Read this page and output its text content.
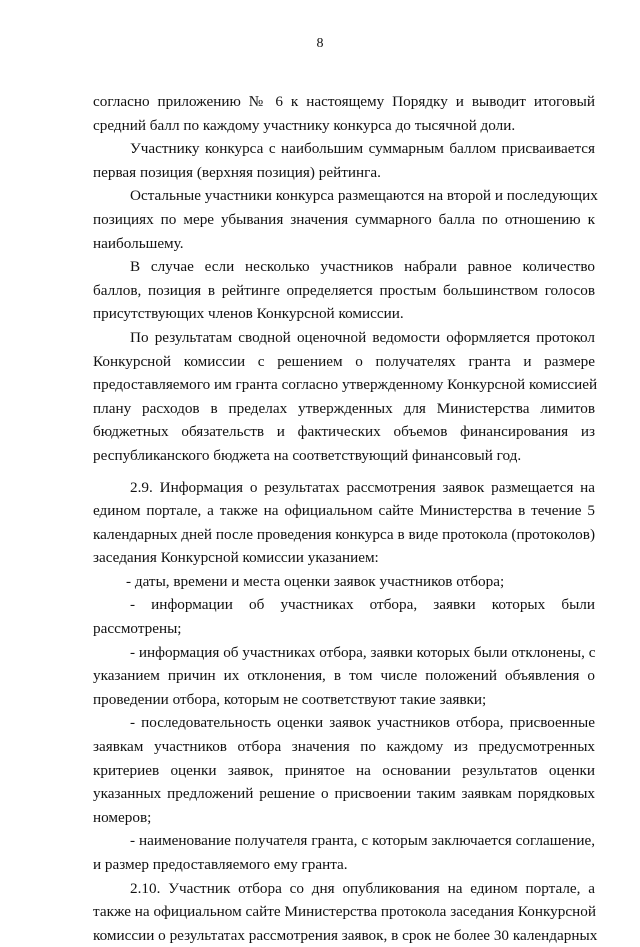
8
согласно приложению № 6 к настоящему Порядку и выводит итоговый
средний балл по каждому участнику конкурса до тысячной доли.
Участнику конкурса с наибольшим суммарным баллом присваивается
первая позиция (верхняя позиция) рейтинга.
Остальные участники конкурса размещаются на второй и последующих
позициях по мере убывания значения суммарного балла по отношению к
наибольшему.
В случае если несколько участников набрали равное количество
баллов, позиция в рейтинге определяется простым большинством голосов
присутствующих членов Конкурсной комиссии.
По результатам сводной оценочной ведомости оформляется протокол
Конкурсной комиссии с решением о получателях гранта и размере
предоставляемого им гранта согласно утвержденному Конкурсной комиссией
плану расходов в пределах утвержденных для Министерства лимитов
бюджетных обязательств и фактических объемов финансирования из
республиканского бюджета на соответствующий финансовый год.
2.9. Информация о результатах рассмотрения заявок размещается на
едином портале, а также на официальном сайте Министерства в течение 5
календарных дней после проведения конкурса в виде протокола (протоколов)
заседания Конкурсной комиссии указанием:
- даты, времени и места оценки заявок участников отбора;
- информации об участниках отбора, заявки которых были
рассмотрены;
- информация об участниках отбора, заявки которых были отклонены, с
указанием причин их отклонения, в том числе положений объявления о
проведении отбора, которым не соответствуют такие заявки;
- последовательность оценки заявок участников отбора, присвоенные
заявкам участников отбора значения по каждому из предусмотренных
критериев оценки заявок, принятое на основании результатов оценки
указанных предложений решение о присвоении таким заявкам порядковых
номеров;
- наименование получателя гранта, с которым заключается соглашение,
и размер предоставляемого ему гранта.
2.10. Участник отбора со дня опубликования на едином портале, а
также на официальном сайте Министерства протокола заседания Конкурсной
комиссии о результатах рассмотрения заявок, в срок не более 30 календарных
